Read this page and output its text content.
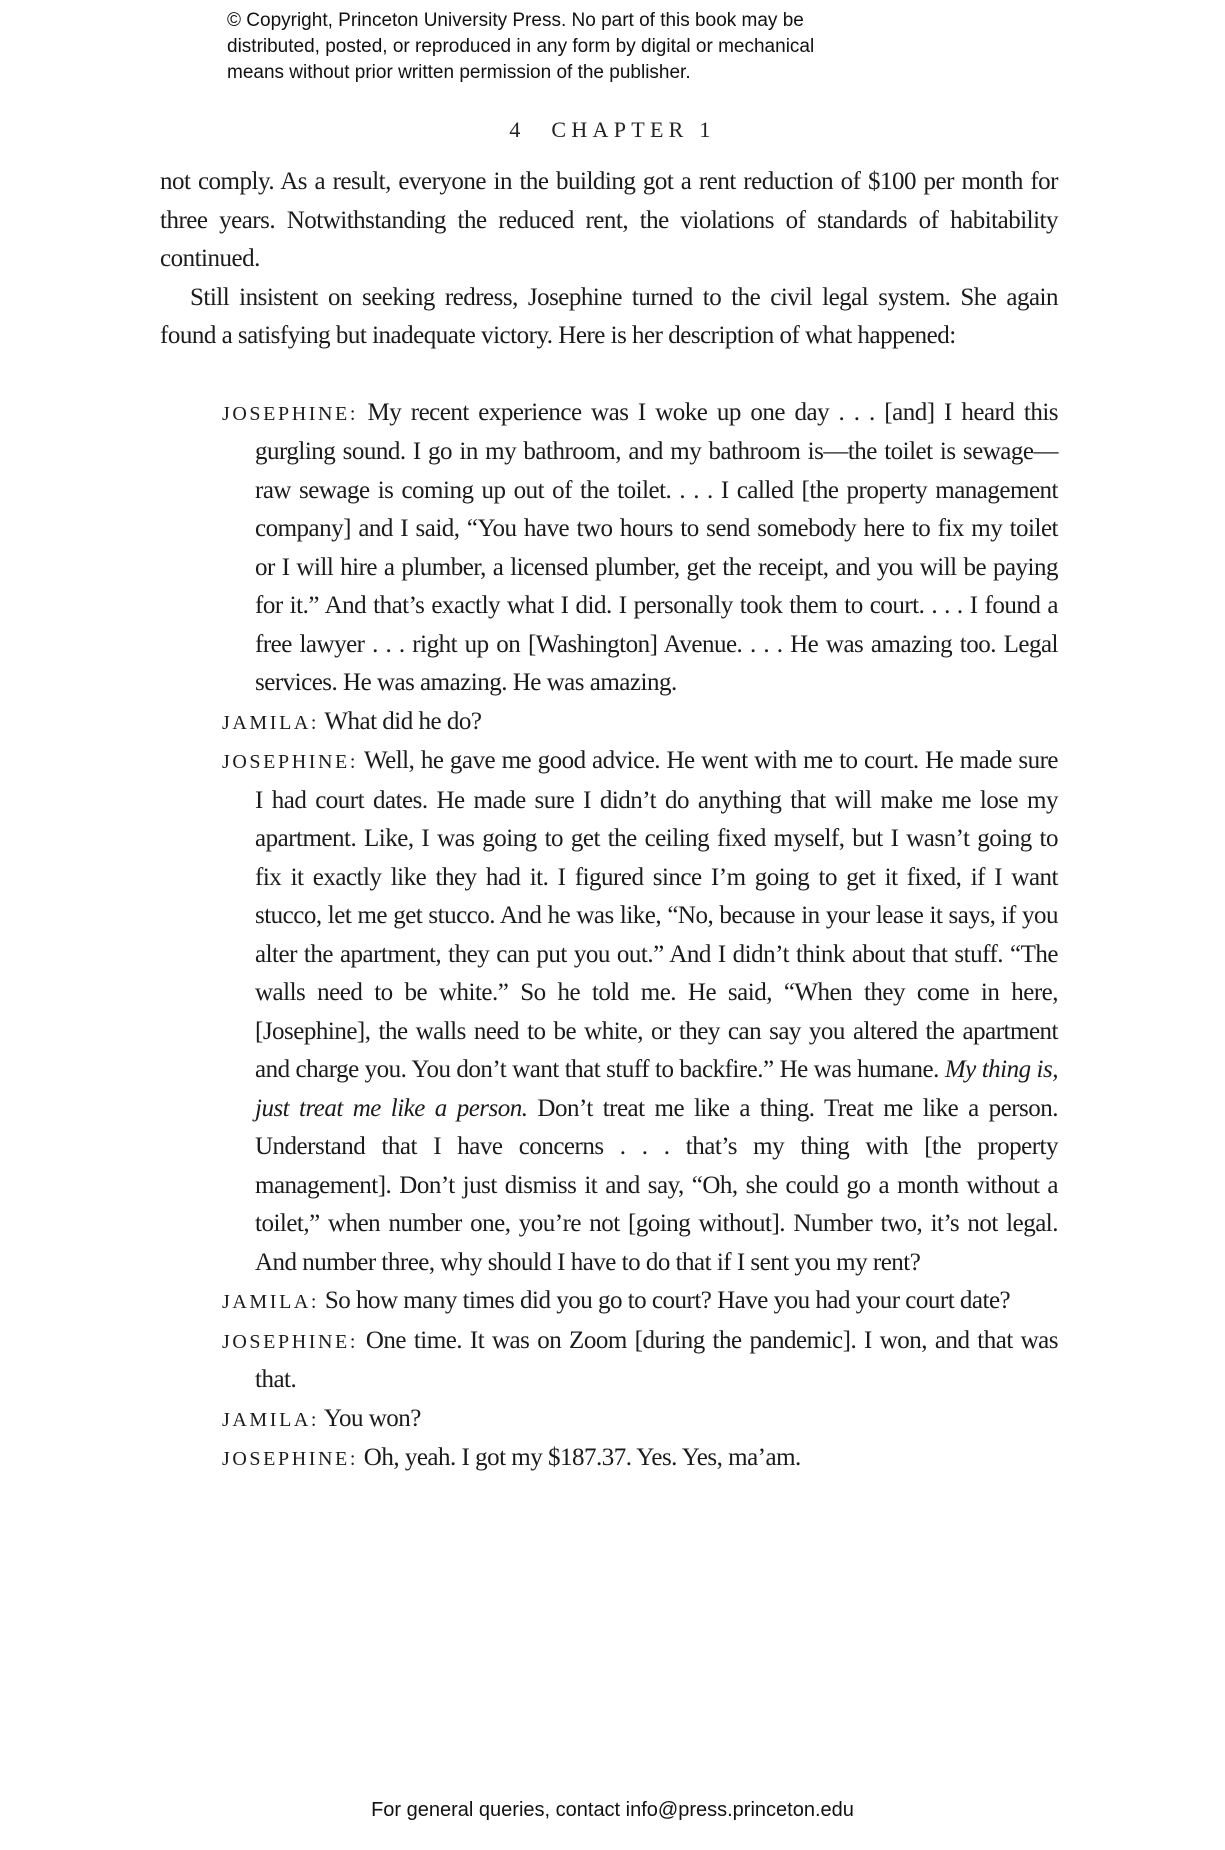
© Copyright, Princeton University Press. No part of this book may be
distributed, posted, or reproduced in any form by digital or mechanical
means without prior written permission of the publisher.
4 CHAPTER 1

not comply. As a result, everyone in the building got a rent reduction of $100 per month for three years. Notwithstanding the reduced rent, the violations of standards of habitability continued.

Still insistent on seeking redress, Josephine turned to the civil legal system. She again found a satisfying but inadequate victory. Here is her description of what happened:

JOSEPHINE: My recent experience was I woke up one day . . . [and] I heard this gurgling sound. I go in my bathroom, and my bathroom is—the toilet is sewage—raw sewage is coming up out of the toilet. . . . I called [the property management company] and I said, “You have two hours to send somebody here to fix my toilet or I will hire a plumber, a licensed plumber, get the receipt, and you will be paying for it.” And that’s exactly what I did. I personally took them to court. . . . I found a free lawyer . . . right up on [Washington] Avenue. . . . He was amazing too. Legal services. He was amazing. He was amazing.
JAMILA: What did he do?
JOSEPHINE: Well, he gave me good advice. He went with me to court. He made sure I had court dates. He made sure I didn’t do anything that will make me lose my apartment. Like, I was going to get the ceiling fixed myself, but I wasn’t going to fix it exactly like they had it. I figured since I’m going to get it fixed, if I want stucco, let me get stucco. And he was like, “No, because in your lease it says, if you alter the apartment, they can put you out.” And I didn’t think about that stuff. “The walls need to be white.” So he told me. He said, “When they come in here, [Josephine], the walls need to be white, or they can say you altered the apartment and charge you. You don’t want that stuff to backfire.” He was humane. My thing is, just treat me like a person. Don’t treat me like a thing. Treat me like a person. Understand that I have concerns . . . that’s my thing with [the property management]. Don’t just dismiss it and say, “Oh, she could go a month without a toilet,” when number one, you’re not [going without]. Number two, it’s not legal. And number three, why should I have to do that if I sent you my rent?
JAMILA: So how many times did you go to court? Have you had your court date?
JOSEPHINE: One time. It was on Zoom [during the pandemic]. I won, and that was that.
JAMILA: You won?
JOSEPHINE: Oh, yeah. I got my $187.37. Yes. Yes, ma’am.
For general queries, contact info@press.princeton.edu
